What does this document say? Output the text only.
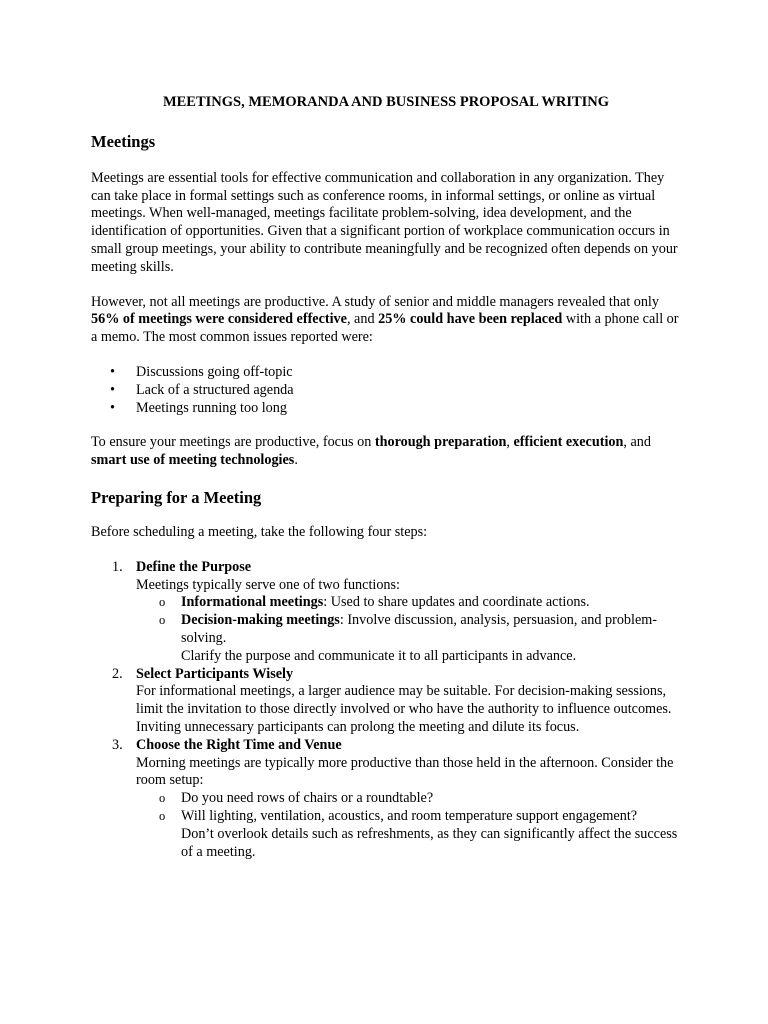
MEETINGS, MEMORANDA AND BUSINESS PROPOSAL WRITING
Meetings

Meetings are essential tools for effective communication and collaboration in any organization. They can take place in formal settings such as conference rooms, in informal settings, or online as virtual meetings. When well-managed, meetings facilitate problem-solving, idea development, and the identification of opportunities. Given that a significant portion of workplace communication occurs in small group meetings, your ability to contribute meaningfully and be recognized often depends on your meeting skills.

However, not all meetings are productive. A study of senior and middle managers revealed that only 56% of meetings were considered effective, and 25% could have been replaced with a phone call or a memo. The most common issues reported were:

• Discussions going off-topic
• Lack of a structured agenda
• Meetings running too long

To ensure your meetings are productive, focus on thorough preparation, efficient execution, and smart use of meeting technologies.

Preparing for a Meeting

Before scheduling a meeting, take the following four steps:

1. Define the Purpose
Meetings typically serve one of two functions:
o Informational meetings: Used to share updates and coordinate actions.
o Decision-making meetings: Involve discussion, analysis, persuasion, and problem-solving.
Clarify the purpose and communicate it to all participants in advance.
2. Select Participants Wisely
For informational meetings, a larger audience may be suitable. For decision-making sessions, limit the invitation to those directly involved or who have the authority to influence outcomes. Inviting unnecessary participants can prolong the meeting and dilute its focus.
3. Choose the Right Time and Venue
Morning meetings are typically more productive than those held in the afternoon. Consider the room setup:
o Do you need rows of chairs or a roundtable?
o Will lighting, ventilation, acoustics, and room temperature support engagement?
Don’t overlook details such as refreshments, as they can significantly affect the success of a meeting.
